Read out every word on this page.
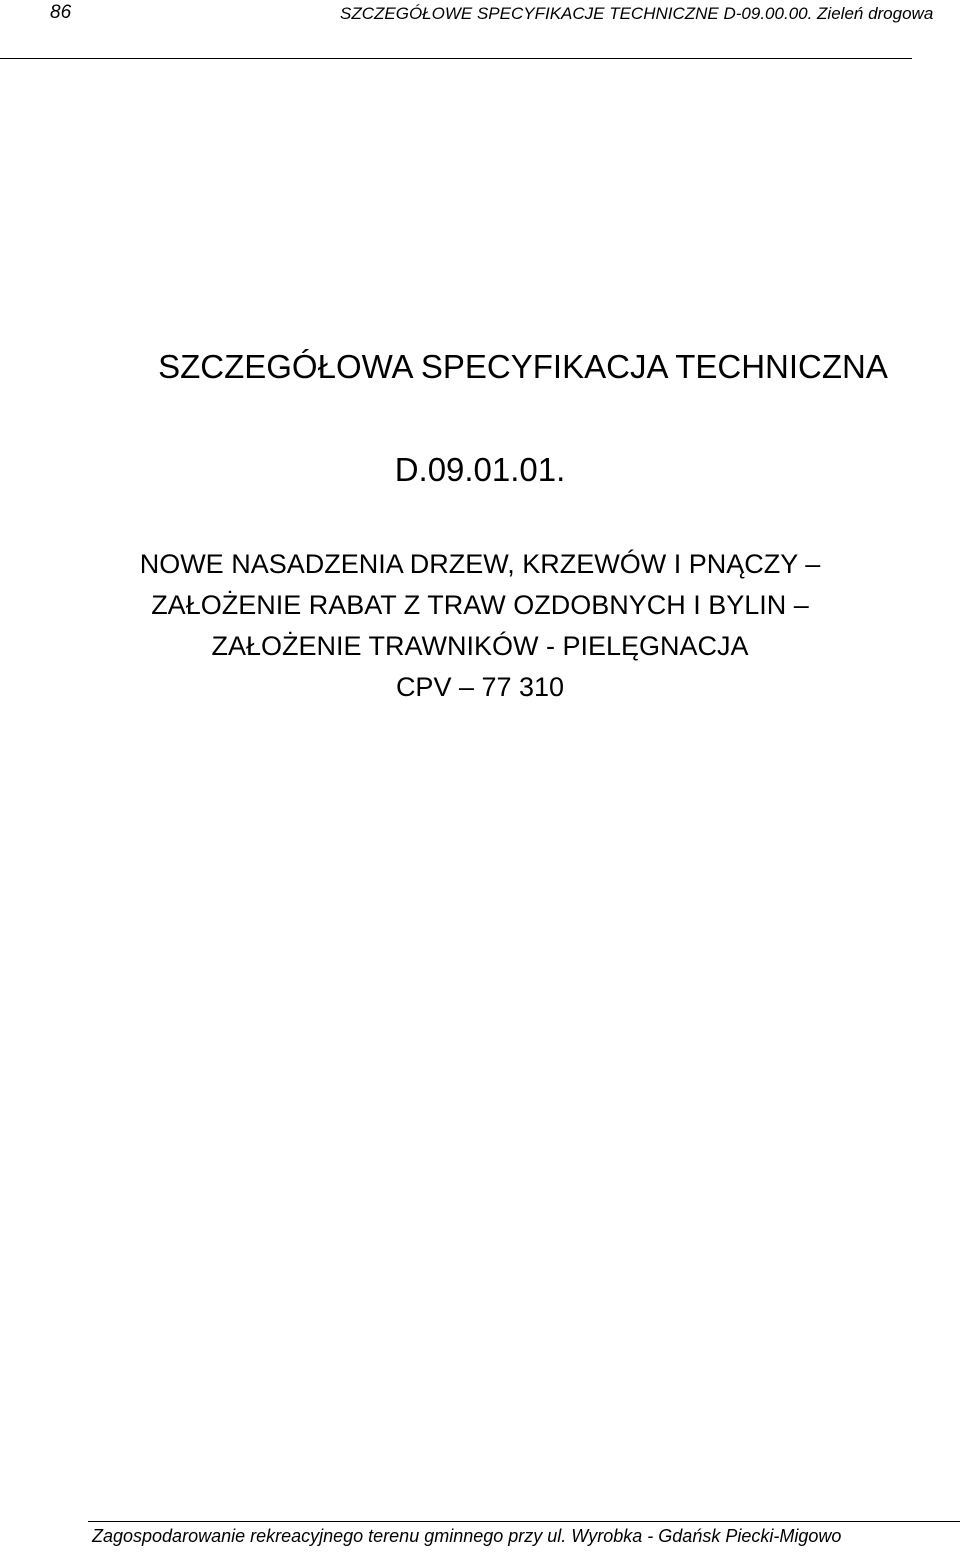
86	SZCZEGÓŁOWE SPECYFIKACJE TECHNICZNE D-09.00.00. Zieleń drogowa
SZCZEGÓŁOWA SPECYFIKACJA TECHNICZNA
D.09.01.01.
NOWE NASADZENIA DRZEW, KRZEWÓW I PNĄCZY –
ZAŁOŻENIE RABAT Z TRAW OZDOBNYCH I BYLIN –
ZAŁOŻENIE TRAWNIKÓW - PIELĘGNACJA
CPV – 77 310
Zagospodarowanie rekreacyjnego terenu gminnego przy ul. Wyrobka - Gdańsk Piecki-Migowo
